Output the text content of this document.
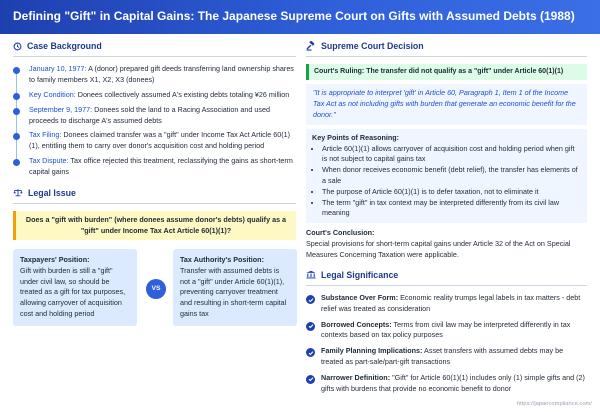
Defining "Gift" in Capital Gains: The Japanese Supreme Court on Gifts with Assumed Debts (1988)
Case Background
January 10, 1977: A (donor) prepared gift deeds transferring land ownership shares to family members X1, X2, X3 (donees)
Key Condition: Donees collectively assumed A's existing debts totaling ¥26 million
September 9, 1977: Donees sold the land to a Racing Association and used proceeds to discharge A's assumed debts
Tax Filing: Donees claimed transfer was a "gift" under Income Tax Act Article 60(1)(1), entitling them to carry over donor's acquisition cost and holding period
Tax Dispute: Tax office rejected this treatment, reclassifying the gains as short-term capital gains
Legal Issue
Does a "gift with burden" (where donees assume donor's debts) qualify as a "gift" under Income Tax Act Article 60(1)(1)?
Taxpayers' Position:
Gift with burden is still a "gift" under civil law, so should be treated as a gift for tax purposes, allowing carryover of acquisition cost and holding period
VS
Tax Authority's Position:
Transfer with assumed debts is not a "gift" under Article 60(1)(1), preventing carryover treatment and resulting in short-term capital gains tax
Supreme Court Decision
Court's Ruling: The transfer did not qualify as a "gift" under Article 60(1)(1)
"It is appropriate to interpret 'gift' in Article 60, Paragraph 1, Item 1 of the Income Tax Act as not including gifts with burden that generate an economic benefit for the donor."
Key Points of Reasoning:
• Article 60(1)(1) allows carryover of acquisition cost and holding period when gift is not subject to capital gains tax
• When donor receives economic benefit (debt relief), the transfer has elements of a sale
• The purpose of Article 60(1)(1) is to defer taxation, not to eliminate it
• The term "gift" in tax context may be interpreted differently from its civil law meaning
Court's Conclusion:
Special provisions for short-term capital gains under Article 32 of the Act on Special Measures Concerning Taxation were applicable.
Legal Significance
Substance Over Form: Economic reality trumps legal labels in tax matters - debt relief was treated as consideration
Borrowed Concepts: Terms from civil law may be interpreted differently in tax contexts based on tax policy purposes
Family Planning Implications: Asset transfers with assumed debts may be treated as part-sale/part-gift transactions
Narrower Definition: "Gift" for Article 60(1)(1) includes only (1) simple gifts and (2) gifts with burdens that provide no economic benefit to donor
https://japancompliance.com/
